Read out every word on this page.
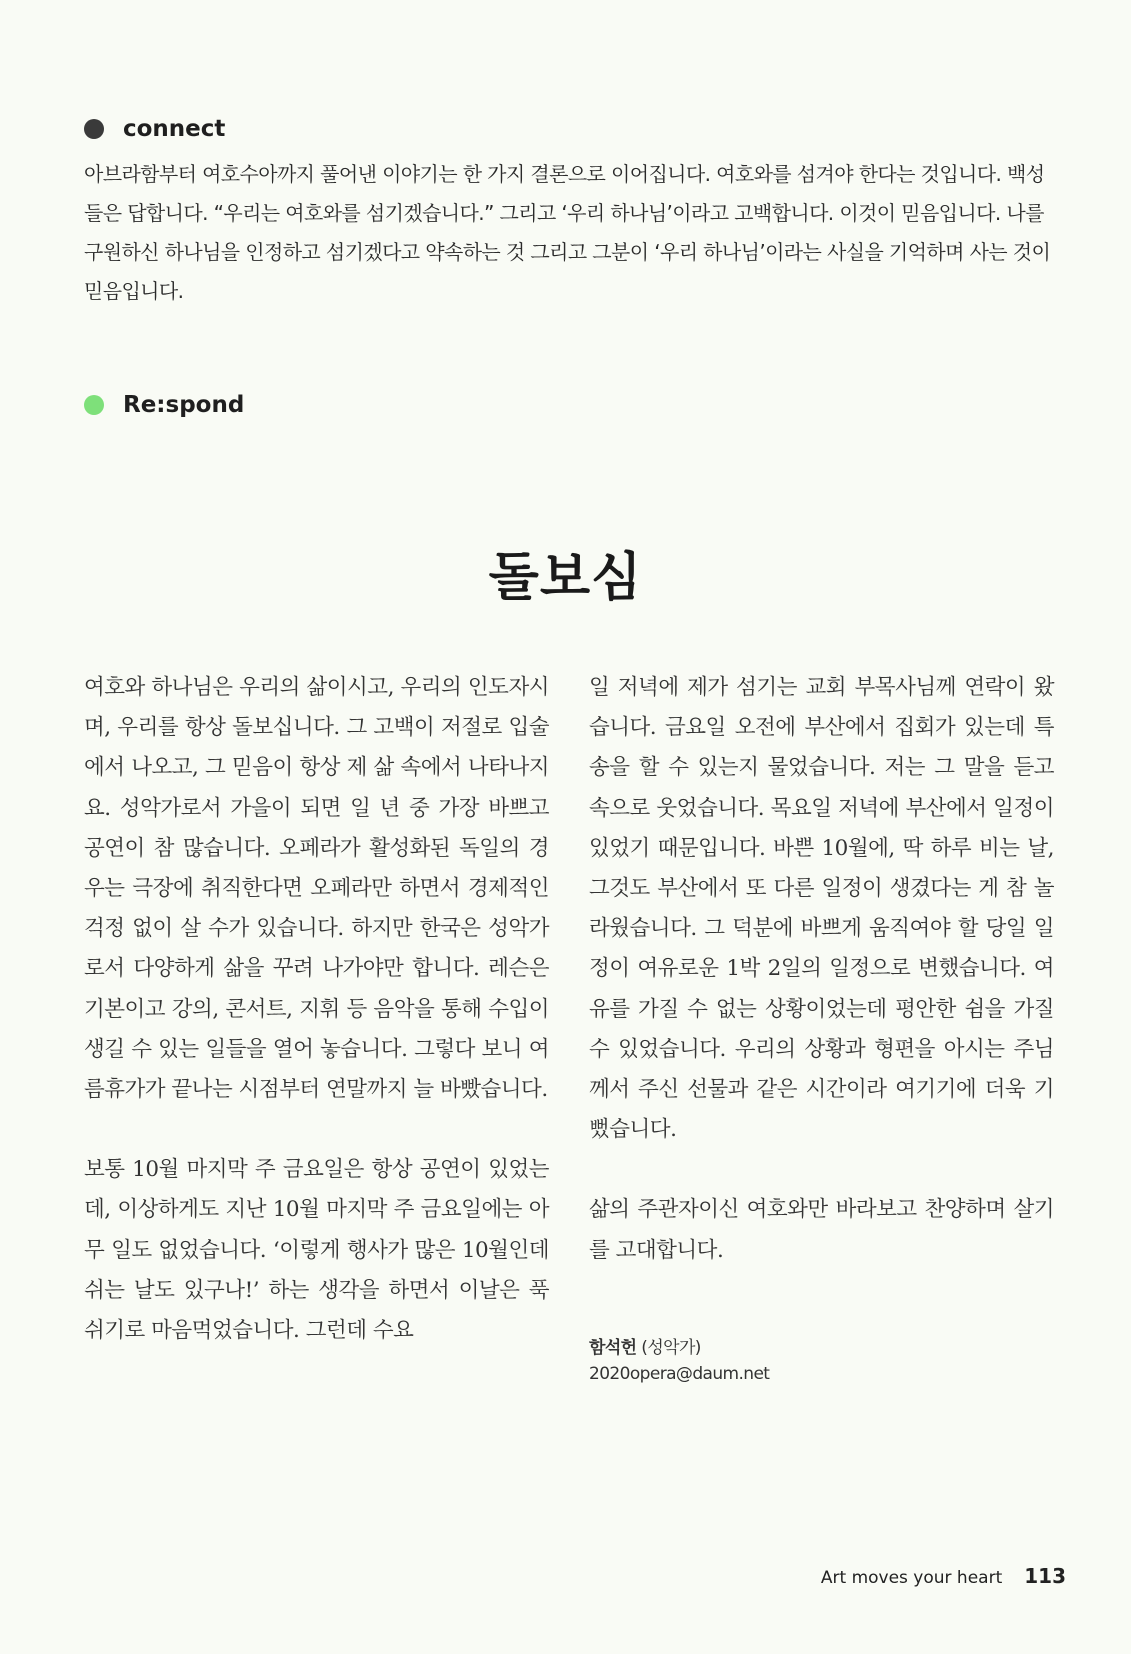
connect

아브라함부터 여호수아까지 풀어낸 이야기는 한 가지 결론으로 이어집니다. 여호와를 섬겨야 한다는 것입니다. 백성들은 답합니다. “우리는 여호와를 섬기겠습니다.” 그리고 ‘우리 하나님’이라고 고백합니다. 이것이 믿음입니다. 나를 구원하신 하나님을 인정하고 섬기겠다고 약속하는 것 그리고 그분이 ‘우리 하나님’이라는 사실을 기억하며 사는 것이 믿음입니다.

Re:spond
돌보심

여호와 하나님은 우리의 삶이시고, 우리의 인도자시며, 우리를 항상 돌보십니다. 그 고백이 저절로 입술에서 나오고, 그 믿음이 항상 제 삶 속에서 나타나지요. 성악가로서 가을이 되면 일 년 중 가장 바쁘고 공연이 참 많습니다. 오페라가 활성화된 독일의 경우는 극장에 취직한다면 오페라만 하면서 경제적인 걱정 없이 살 수가 있습니다. 하지만 한국은 성악가로서 다양하게 삶을 꾸려 나가야만 합니다. 레슨은 기본이고 강의, 콘서트, 지휘 등 음악을 통해 수입이 생길 수 있는 일들을 열어 놓습니다. 그렇다 보니 여름휴가가 끝나는 시점부터 연말까지 늘 바빴습니다.

보통 10월 마지막 주 금요일은 항상 공연이 있었는데, 이상하게도 지난 10월 마지막 주 금요일에는 아무 일도 없었습니다. ‘이렇게 행사가 많은 10월인데 쉬는 날도 있구나!’ 하는 생각을 하면서 이날은 푹 쉬기로 마음먹었습니다. 그런데 수요

일 저녁에 제가 섬기는 교회 부목사님께 연락이 왔습니다. 금요일 오전에 부산에서 집회가 있는데 특송을 할 수 있는지 물었습니다. 저는 그 말을 듣고 속으로 웃었습니다. 목요일 저녁에 부산에서 일정이 있었기 때문입니다. 바쁜 10월에, 딱 하루 비는 날, 그것도 부산에서 또 다른 일정이 생겼다는 게 참 놀라웠습니다. 그 덕분에 바쁘게 움직여야 할 당일 일정이 여유로운 1박 2일의 일정으로 변했습니다. 여유를 가질 수 없는 상황이었는데 평안한 쉼을 가질 수 있었습니다. 우리의 상황과 형편을 아시는 주님께서 주신 선물과 같은 시간이라 여기기에 더욱 기뻤습니다.

삶의 주관자이신 여호와만 바라보고 찬양하며 살기를 고대합니다.

함석헌 (성악가)
2020opera@daum.net
Art moves your heart 113
